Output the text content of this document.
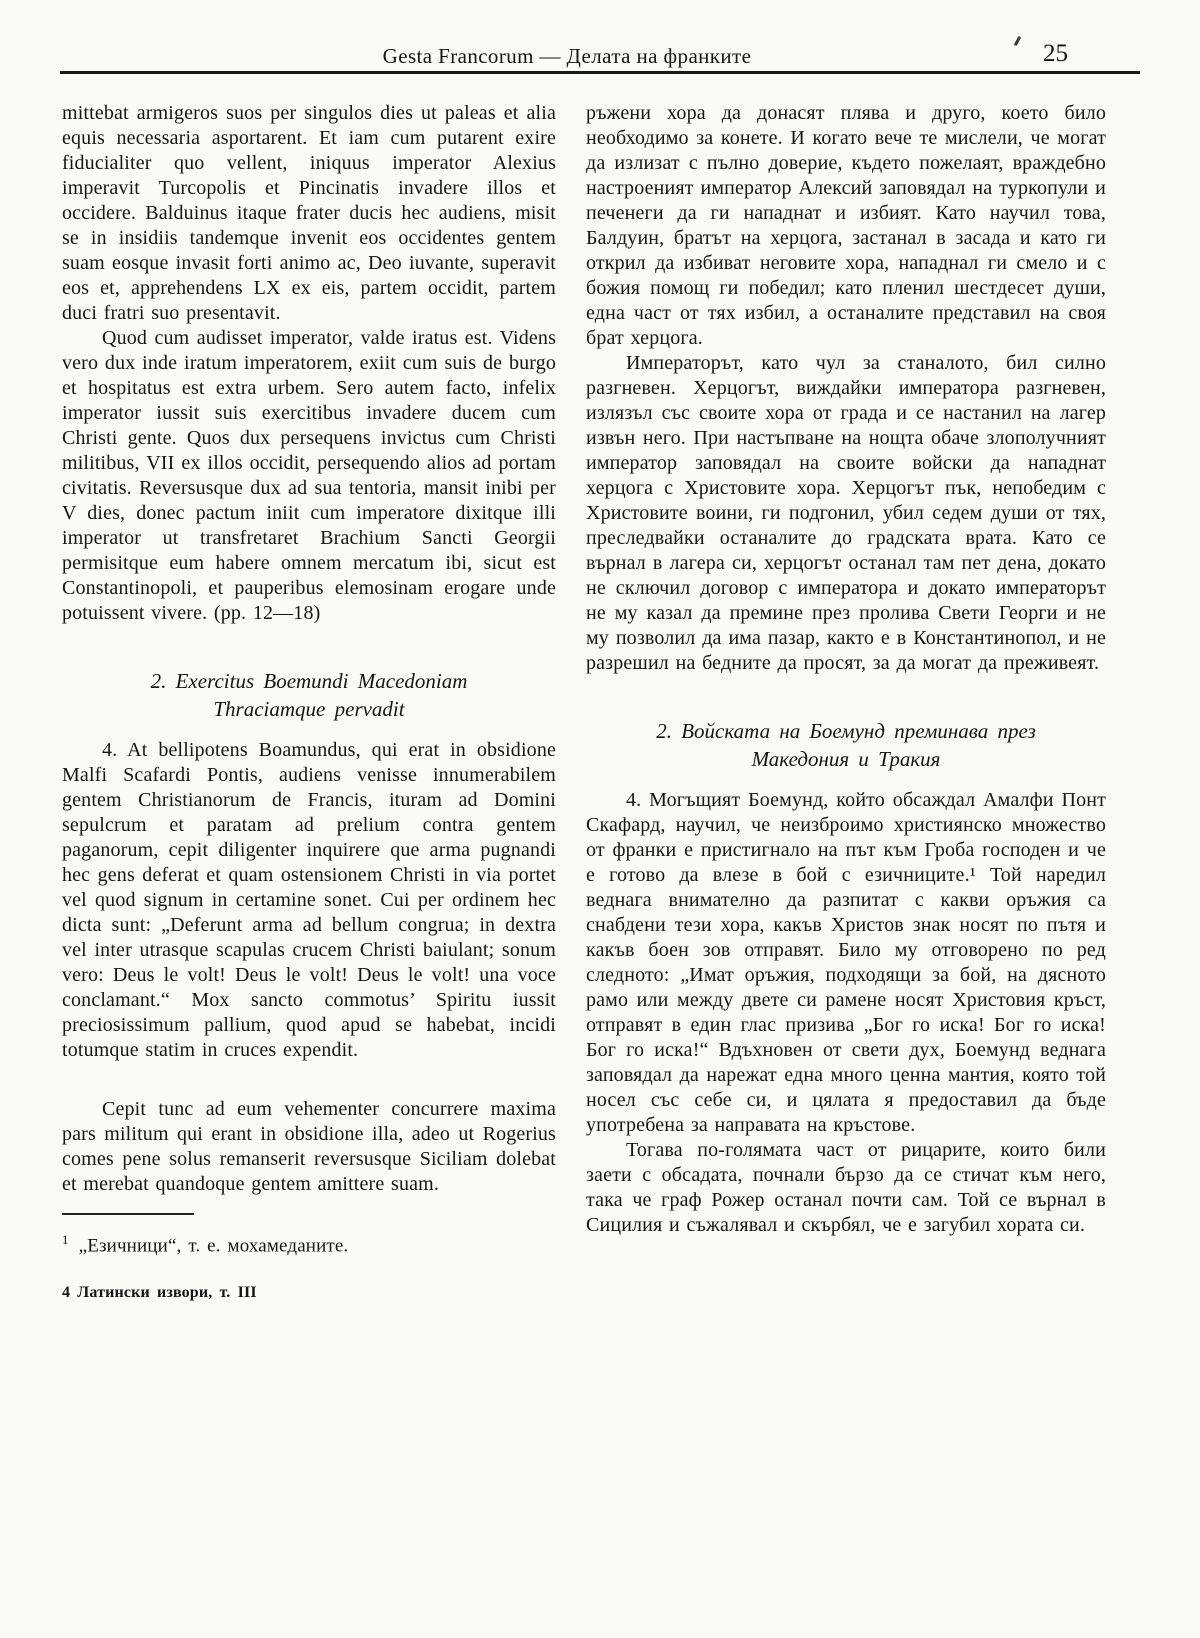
Gesta Francorum — Делата на франките	25

mittebat armigeros suos per singulos dies ut paleas et alia equis necessaria asportarent. Et iam cum putarent exire fiducialiter quo vellent, iniquus imperator Alexius imperavit Turcopolis et Pincinatis invadere illos et occidere. Balduinus itaque frater ducis hec audiens, misit se in insidiis tandemque invenit eos occidentes gentem suam eosque invasit forti animo ac, Deo iuvante, superavit eos et, apprehendens LX ex eis, partem occidit, partem duci fratri suo presentavit.

Quod cum audisset imperator, valde iratus est. Videns vero dux inde iratum imperatorem, exiit cum suis de burgo et hospitatus est extra urbem. Sero autem facto, infelix imperator iussit suis exercitibus invadere ducem cum Christi gente. Quos dux persequens invictus cum Christi militibus, VII ex illos occidit, persequendo alios ad portam civitatis. Reversusque dux ad sua tentoria, mansit inibi per V dies, donec pactum iniit cum imperatore dixitque illi imperator ut transfretaret Brachium Sancti Georgii permisitque eum habere omnem mercatum ibi, sicut est Constantinopoli, et pauperibus elemosinam erogare unde potuissent vivere. (pp. 12—18)

2. Exercitus Boemundi Macedoniam
Thraciamque pervadit

4. At bellipotens Boamundus, qui erat in obsidione Malfi Scafardi Pontis, audiens venisse innumerabilem gentem Christianorum de Francis, ituram ad Domini sepulcrum et paratam ad prelium contra gentem paganorum, cepit diligenter inquirere que arma pugnandi hec gens deferat et quam ostensionem Christi in via portet vel quod signum in certamine sonet. Cui per ordinem hec dicta sunt: „Deferunt arma ad bellum congrua; in dextra vel inter utrasque scapulas crucem Christi baiulant; sonum vero: Deus le volt! Deus le volt! Deus le volt! una voce conclamant.“ Mox sancto commotus’ Spiritu iussit preciosissimum pallium, quod apud se habebat, incidi totumque statim in cruces expendit.

Cepit tunc ad eum vehementer concurrere maxima pars militum qui erant in obsidione illa, adeo ut Rogerius comes pene solus remanserit reversusque Siciliam dolebat et merebat quandoque gentem amittere suam.

$^1$ „Езичници“, т. е. мохамеданите.

4 Латински извори, т. III

ръжени хора да донасят плява и друго, което било необходимо за конете. И когато вече те мислели, че могат да излизат с пълно доверие, където пожелаят, враждебно настроеният император Алексий заповядал на туркопули и печенеги да ги нападнат и избият. Като научил това, Балдуин, братът на херцога, застанал в засада и като ги открил да избиват неговите хора, нападнал ги смело и с божия помощ ги победил; като пленил шестдесет души, една част от тях избил, а останалите представил на своя брат херцога.

Императорът, като чул за станалото, бил силно разгневен. Херцогът, виждайки императора разгневен, излязъл със своите хора от града и се настанил на лагер извън него. При настъпване на нощта обаче злополучният император заповядал на своите войски да нападнат херцога с Христовите хора. Херцогът пък, непобедим с Христовите воини, ги подгонил, убил седем души от тях, преследвайки останалите до градската врата. Като се върнал в лагера си, херцогът останал там пет дена, докато не сключил договор с императора и докато императорът не му казал да премине през пролива Свети Георги и не му позволил да има пазар, както е в Константинопол, и не разрешил на бедните да просят, за да могат да преживеят.

2. Войската на Боемунд преминава през
Македония и Тракия

4. Могъщият Боемунд, който обсаждал Амалфи Понт Скафард, научил, че неизброимо християнско множество от франки е пристигнало на път към Гроба господен и че е готово да влезе в бой с езичниците.¹ Той наредил веднага внимателно да разпитат с какви оръжия са снабдени тези хора, какъв Христов знак носят по пътя и какъв боен зов отправят. Било му отговорено по ред следното: „Имат оръжия, подходящи за бой, на дясното рамо или между двете си рамене носят Христовия кръст, отправят в един глас призива „Бог го иска! Бог го иска! Бог го иска!“ Вдъхновен от свети дух, Боемунд веднага заповядал да нарежат една много ценна мантия, която той носел със себе си, и цялата я предоставил да бъде употребена за направата на кръстове.

Тогава по-голямата част от рицарите, които били заети с обсадата, почнали бързо да се стичат към него, така че граф Рожер останал почти сам. Той се върнал в Сицилия и съжалявал и скърбял, че е загубил хората си.
